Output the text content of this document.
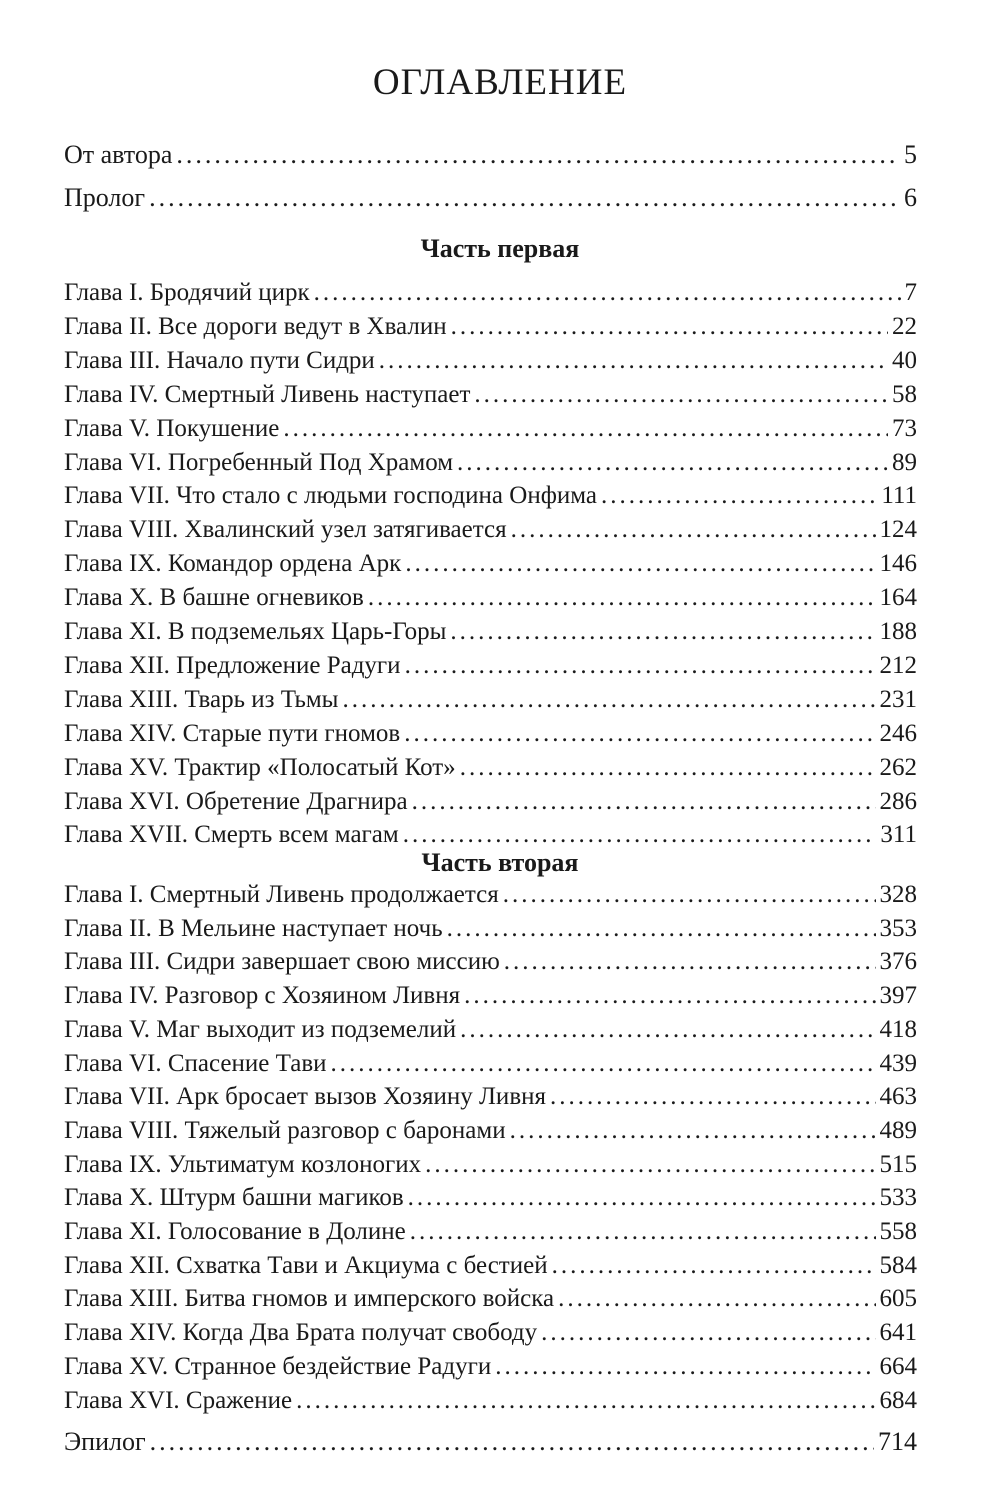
ОГЛАВЛЕНИЕ
От автора .....	5
Пролог .....	6
Часть первая
Глава I. Бродячий цирк .....	7
Глава II. Все дороги ведут в Хвалин .....	22
Глава III. Начало пути Сидри .....	40
Глава IV. Смертный Ливень наступает .....	58
Глава V. Покушение .....	73
Глава VI. Погребенный Под Храмом .....	89
Глава VII. Что стало с людьми господина Онфима .....	111
Глава VIII. Хвалинский узел затягивается .....	124
Глава IX. Командор ордена Арк .....	146
Глава X. В башне огневиков .....	164
Глава XI. В подземельях Царь-Горы .....	188
Глава XII. Предложение Радуги .....	212
Глава XIII. Тварь из Тьмы .....	231
Глава XIV. Старые пути гномов .....	246
Глава XV. Трактир «Полосатый Кот» .....	262
Глава XVI. Обретение Драгнира .....	286
Глава XVII. Смерть всем магам .....	311
Часть вторая
Глава I. Смертный Ливень продолжается .....	328
Глава II. В Мельине наступает ночь .....	353
Глава III. Сидри завершает свою миссию .....	376
Глава IV. Разговор с Хозяином Ливня .....	397
Глава V. Маг выходит из подземелий .....	418
Глава VI. Спасение Тави .....	439
Глава VII. Арк бросает вызов Хозяину Ливня .....	463
Глава VIII. Тяжелый разговор с баронами .....	489
Глава IX. Ультиматум козлоногих .....	515
Глава X. Штурм башни магиков .....	533
Глава XI. Голосование в Долине .....	558
Глава XII. Схватка Тави и Акциума с бестией .....	584
Глава XIII. Битва гномов и имперского войска .....	605
Глава XIV. Когда Два Брата получат свободу .....	641
Глава XV. Странное бездействие Радуги .....	664
Глава XVI. Сражение .....	684
Эпилог .....	714
